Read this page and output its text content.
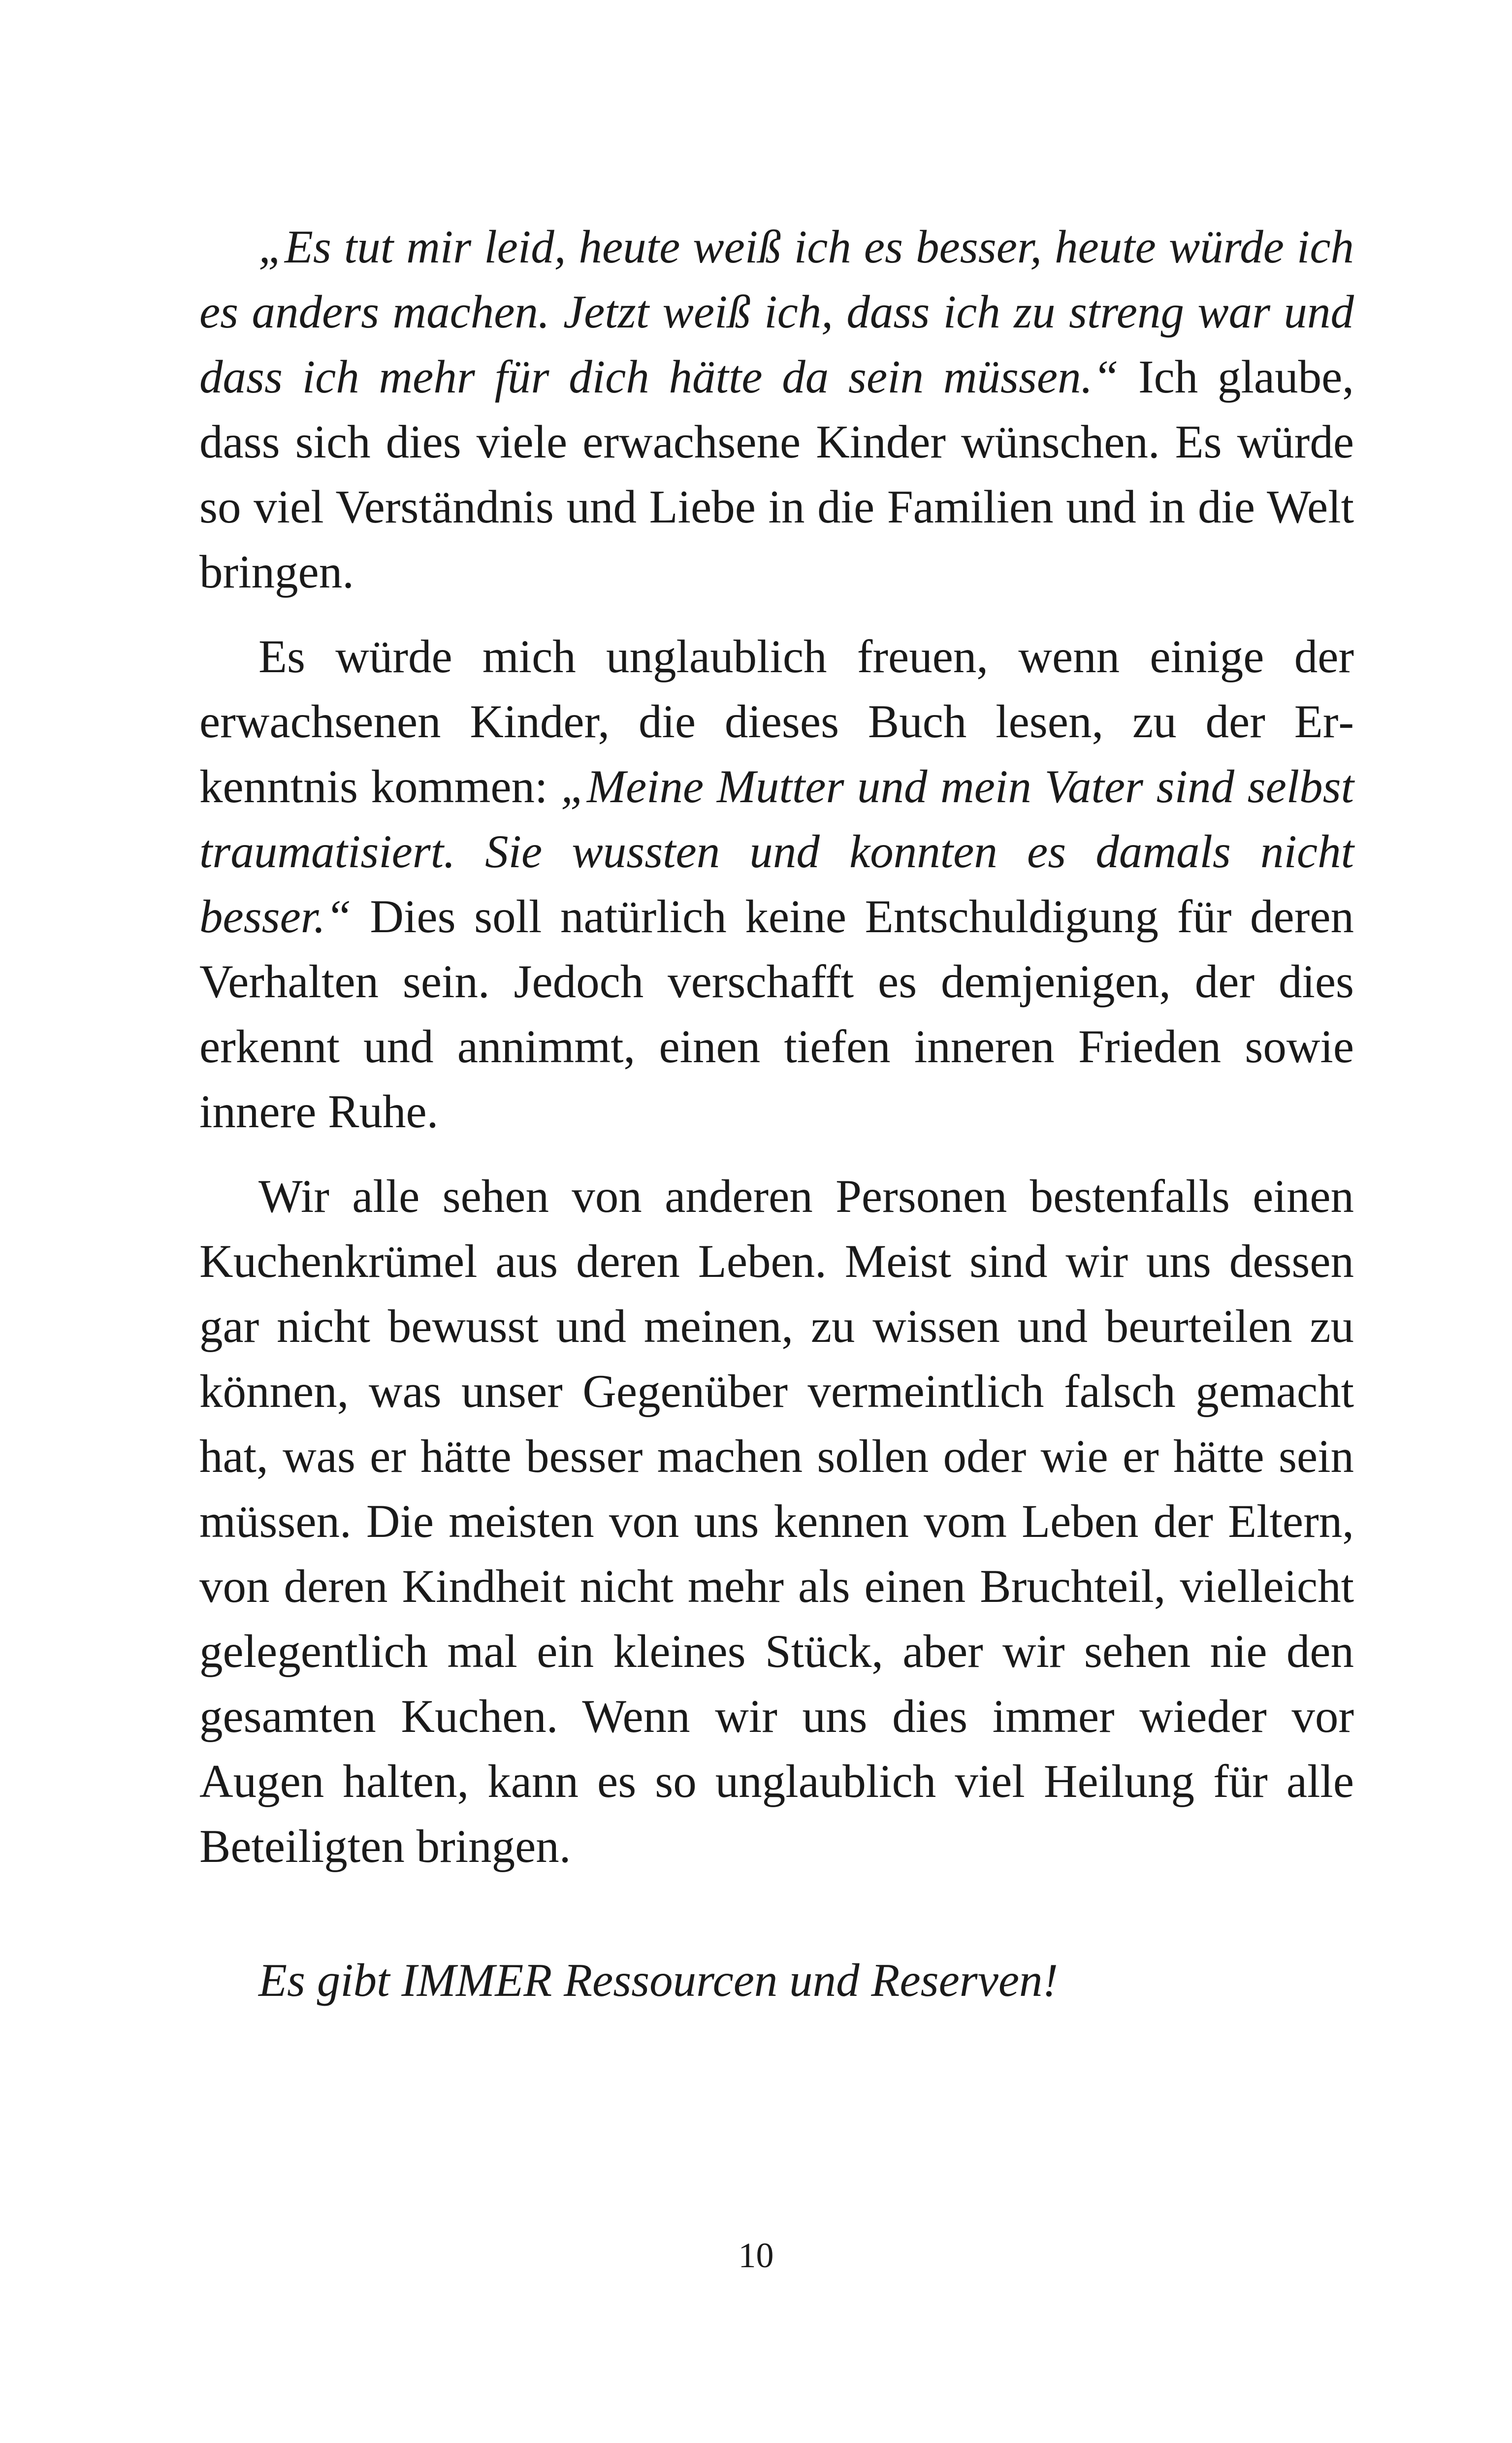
„Es tut mir leid, heute weiß ich es besser, heute würde ich es anders machen. Jetzt weiß ich, dass ich zu streng war und dass ich mehr für dich hätte da sein müssen.“ Ich glaube, dass sich dies viele erwachsene Kinder wünschen. Es würde so viel Verständnis und Liebe in die Familien und in die Welt bringen.

Es würde mich unglaublich freuen, wenn einige der erwachsenen Kinder, die dieses Buch lesen, zu der Erkenntnis kommen: „Meine Mutter und mein Vater sind selbst traumatisiert. Sie wussten und konnten es damals nicht besser.“ Dies soll natürlich keine Entschuldigung für deren Verhalten sein. Jedoch verschafft es demjenigen, der dies erkennt und annimmt, einen tiefen inneren Frieden sowie innere Ruhe.

Wir alle sehen von anderen Personen bestenfalls einen Kuchenkrümel aus deren Leben. Meist sind wir uns dessen gar nicht bewusst und meinen, zu wissen und beurteilen zu können, was unser Gegenüber vermeintlich falsch gemacht hat, was er hätte besser machen sollen oder wie er hätte sein müssen. Die meisten von uns kennen vom Leben der Eltern, von deren Kindheit nicht mehr als einen Bruchteil, vielleicht gelegentlich mal ein kleines Stück, aber wir sehen nie den gesamten Kuchen. Wenn wir uns dies immer wieder vor Augen halten, kann es so unglaublich viel Heilung für alle Beteiligten bringen.

Es gibt IMMER Ressourcen und Reserven!

10
